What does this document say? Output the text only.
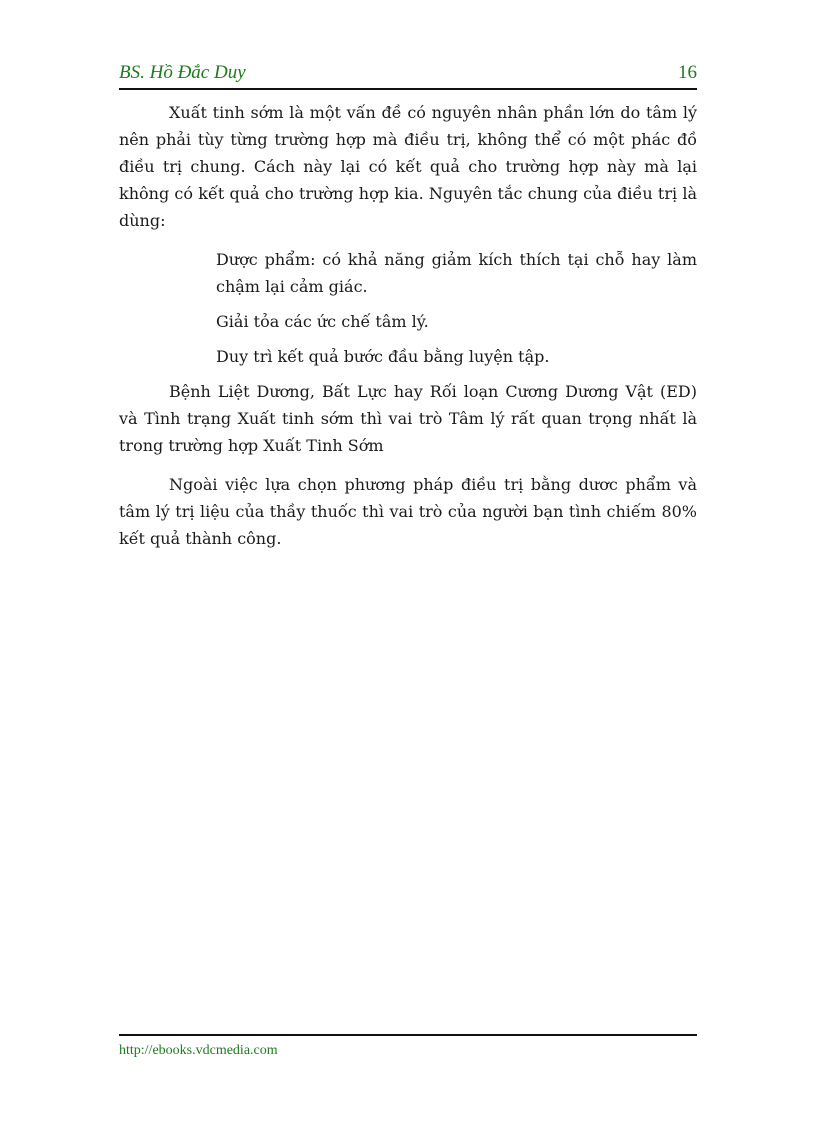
BS. Hồ Đắc Duy	16

Xuất tinh sớm là một vấn đề có nguyên nhân phần lớn do tâm lý nên phải tùy từng trường hợp mà điều trị, không thể có một phác đồ điều trị chung. Cách này lại có kết quả cho trường hợp này mà lại không có kết quả cho trường hợp kia. Nguyên tắc chung của điều trị là dùng:

Dược phẩm: có khả năng giảm kích thích tại chỗ hay làm chậm lại cảm giác.

Giải tỏa các ức chế tâm lý.

Duy trì kết quả bước đầu bằng luyện tập.

Bệnh Liệt Dương, Bất Lực hay Rối loạn Cương Dương Vật (ED) và Tình trạng Xuất tinh sớm thì vai trò Tâm lý rất quan trọng nhất là trong trường hợp Xuất Tinh Sớm

Ngoài việc lựa chọn phương pháp điều trị bằng dươc phẩm và tâm lý trị liệu của thầy thuốc thì vai trò của người bạn tình chiếm 80% kết quả thành công.

http://ebooks.vdcmedia.com
